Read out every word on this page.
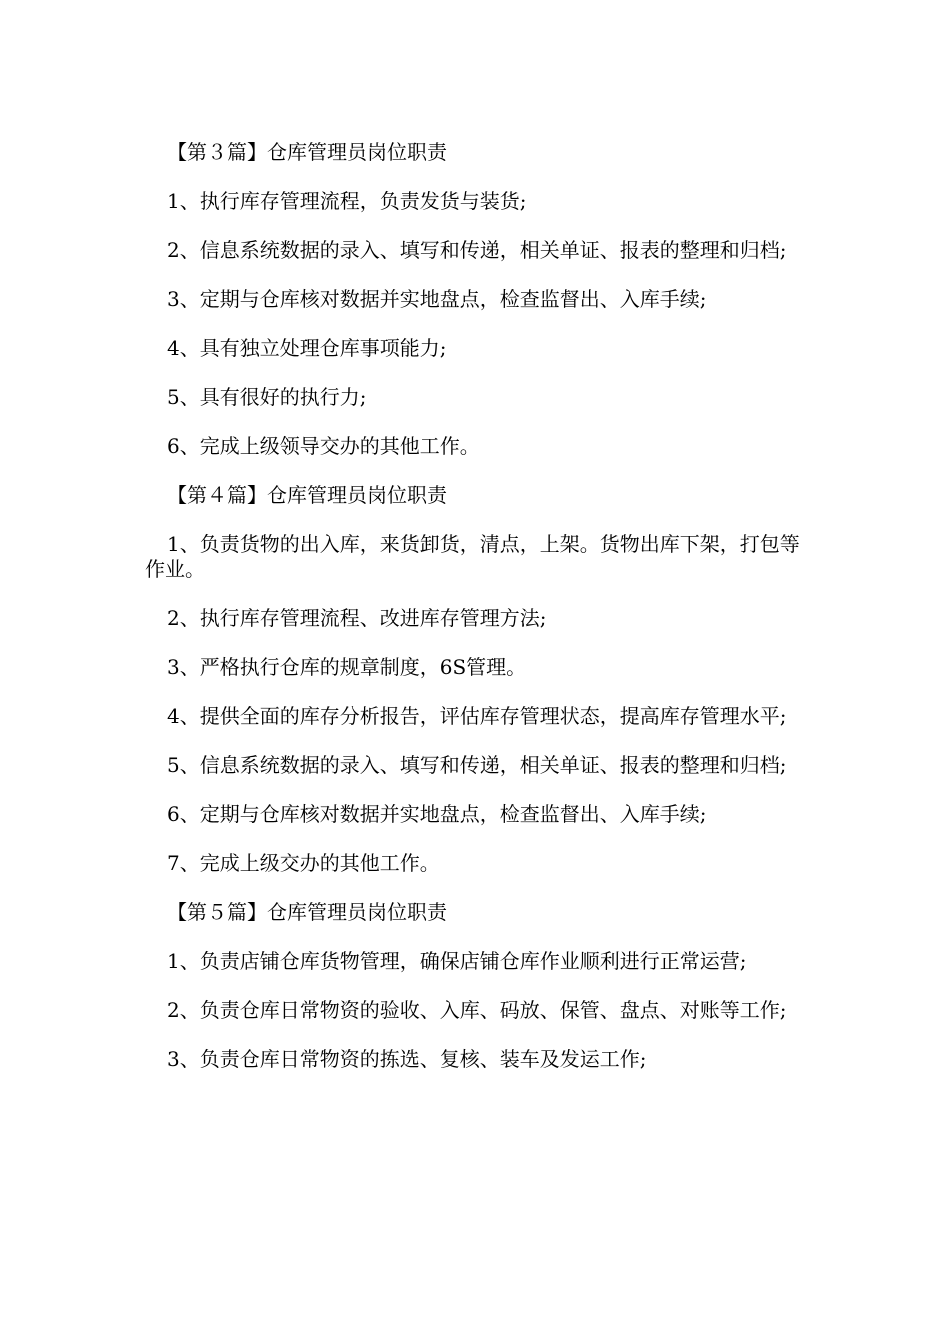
【第３篇】仓库管理员岗位职责

1、执行库存管理流程，负责发货与装货;

2、信息系统数据的录入、填写和传递，相关单证、报表的整理和归档;

3、定期与仓库核对数据并实地盘点，检查监督出、入库手续;

4、具有独立处理仓库事项能力;

5、具有很好的执行力;

6、完成上级领导交办的其他工作。

【第４篇】仓库管理员岗位职责

1、负责货物的出入库，来货卸货，清点，上架。货物出库下架，打包等作业。

2、执行库存管理流程、改进库存管理方法;

3、严格执行仓库的规章制度，6S管理。

4、提供全面的库存分析报告，评估库存管理状态，提高库存管理水平;

5、信息系统数据的录入、填写和传递，相关单证、报表的整理和归档;

6、定期与仓库核对数据并实地盘点，检查监督出、入库手续;

7、完成上级交办的其他工作。

【第５篇】仓库管理员岗位职责

1、负责店铺仓库货物管理，确保店铺仓库作业顺利进行正常运营;

2、负责仓库日常物资的验收、入库、码放、保管、盘点、对账等工作;

3、负责仓库日常物资的拣选、复核、装车及发运工作;
